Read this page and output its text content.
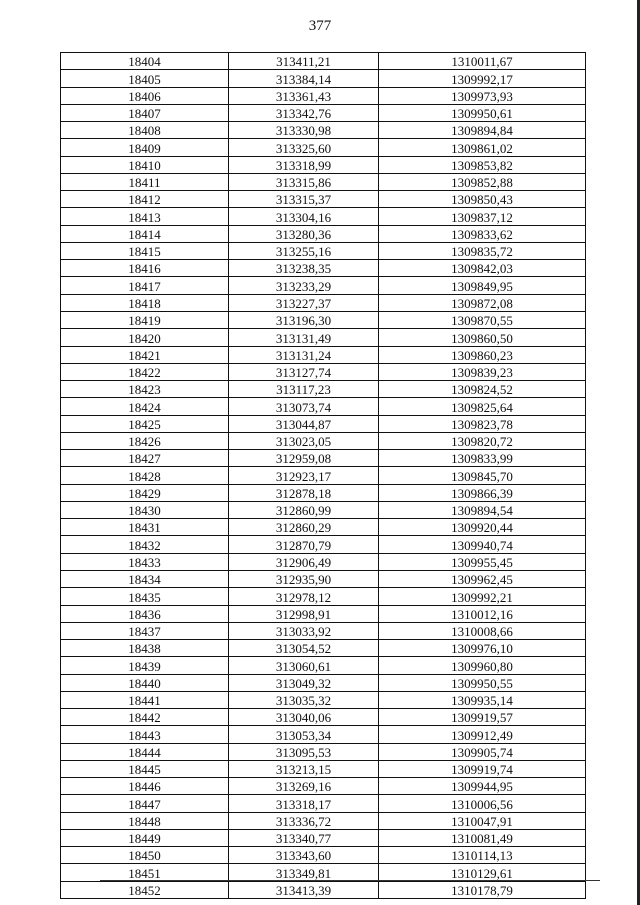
377
18404	313411,21	1310011,67
18405	313384,14	1309992,17
18406	313361,43	1309973,93
18407	313342,76	1309950,61
18408	313330,98	1309894,84
18409	313325,60	1309861,02
18410	313318,99	1309853,82
18411	313315,86	1309852,88
18412	313315,37	1309850,43
18413	313304,16	1309837,12
18414	313280,36	1309833,62
18415	313255,16	1309835,72
18416	313238,35	1309842,03
18417	313233,29	1309849,95
18418	313227,37	1309872,08
18419	313196,30	1309870,55
18420	313131,49	1309860,50
18421	313131,24	1309860,23
18422	313127,74	1309839,23
18423	313117,23	1309824,52
18424	313073,74	1309825,64
18425	313044,87	1309823,78
18426	313023,05	1309820,72
18427	312959,08	1309833,99
18428	312923,17	1309845,70
18429	312878,18	1309866,39
18430	312860,99	1309894,54
18431	312860,29	1309920,44
18432	312870,79	1309940,74
18433	312906,49	1309955,45
18434	312935,90	1309962,45
18435	312978,12	1309992,21
18436	312998,91	1310012,16
18437	313033,92	1310008,66
18438	313054,52	1309976,10
18439	313060,61	1309960,80
18440	313049,32	1309950,55
18441	313035,32	1309935,14
18442	313040,06	1309919,57
18443	313053,34	1309912,49
18444	313095,53	1309905,74
18445	313213,15	1309919,74
18446	313269,16	1309944,95
18447	313318,17	1310006,56
18448	313336,72	1310047,91
18449	313340,77	1310081,49
18450	313343,60	1310114,13
18451	313349,81	1310129,61
18452	313413,39	1310178,79
